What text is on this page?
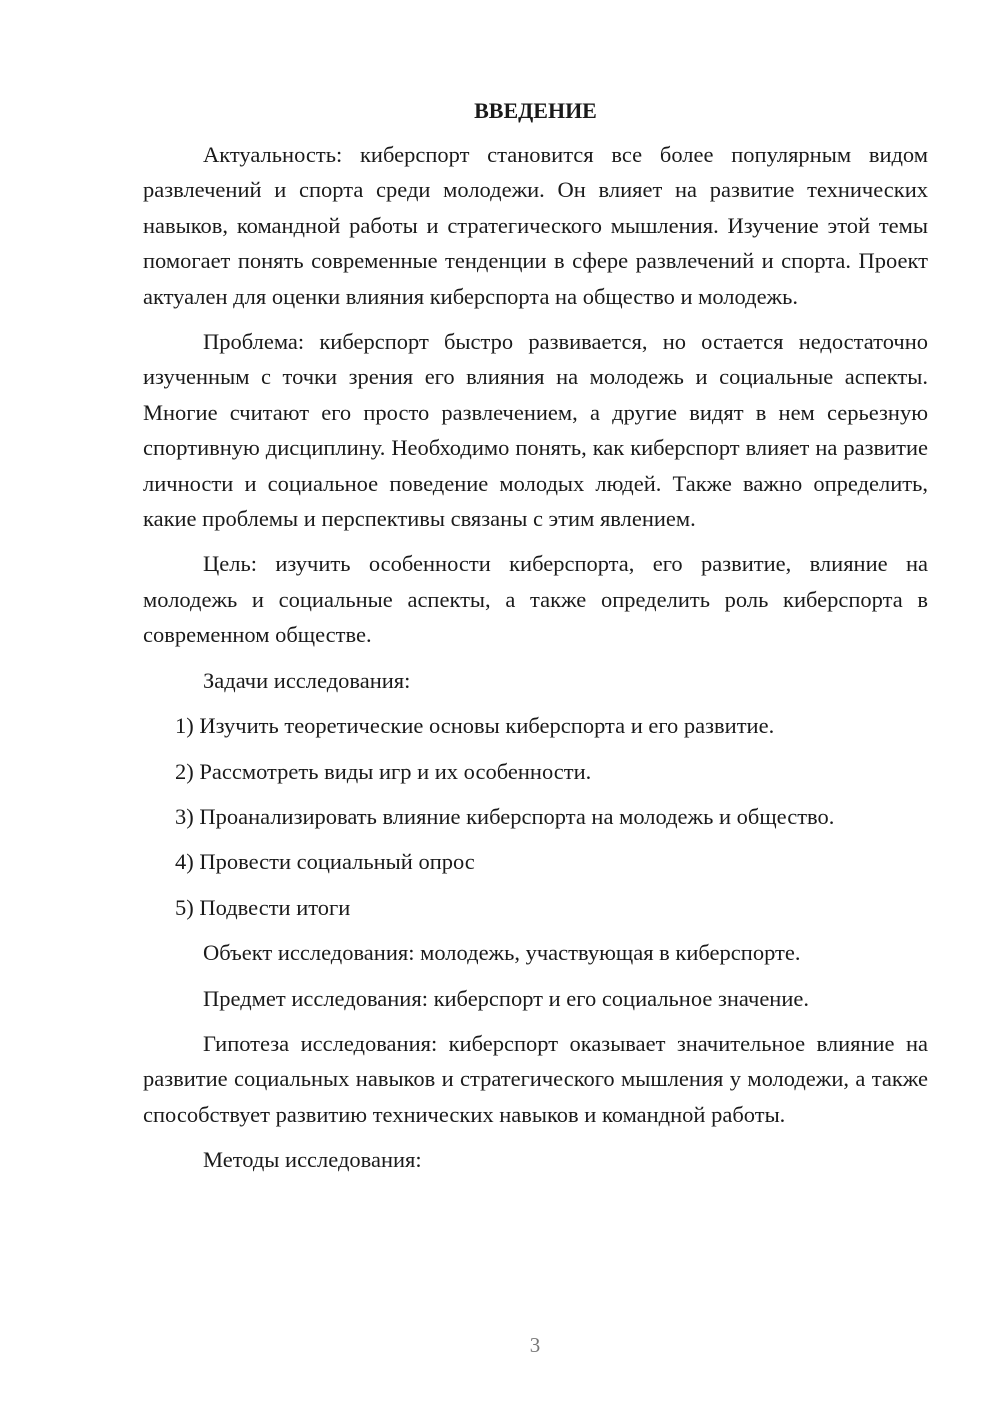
ВВЕДЕНИЕ

Актуальность: киберспорт становится все более популярным видом развлечений и спорта среди молодежи. Он влияет на развитие технических навыков, командной работы и стратегического мышления. Изучение этой темы помогает понять современные тенденции в сфере развлечений и спорта. Проект актуален для оценки влияния киберспорта на общество и молодежь.

Проблема: киберспорт быстро развивается, но остается недостаточно изученным с точки зрения его влияния на молодежь и социальные аспекты. Многие считают его просто развлечением, а другие видят в нем серьезную спортивную дисциплину. Необходимо понять, как киберспорт влияет на развитие личности и социальное поведение молодых людей. Также важно определить, какие проблемы и перспективы связаны с этим явлением.

Цель: изучить особенности киберспорта, его развитие, влияние на молодежь и социальные аспекты, а также определить роль киберспорта в современном обществе.

Задачи исследования:

1) Изучить теоретические основы киберспорта и его развитие.
2) Рассмотреть виды игр и их особенности.
3) Проанализировать влияние киберспорта на молодежь и общество.
4) Провести социальный опрос
5) Подвести итоги

Объект исследования: молодежь, участвующая в киберспорте.

Предмет исследования: киберспорт и его социальное значение.

Гипотеза исследования: киберспорт оказывает значительное влияние на развитие социальных навыков и стратегического мышления у молодежи, а также способствует развитию технических навыков и командной работы.

Методы исследования:

3
